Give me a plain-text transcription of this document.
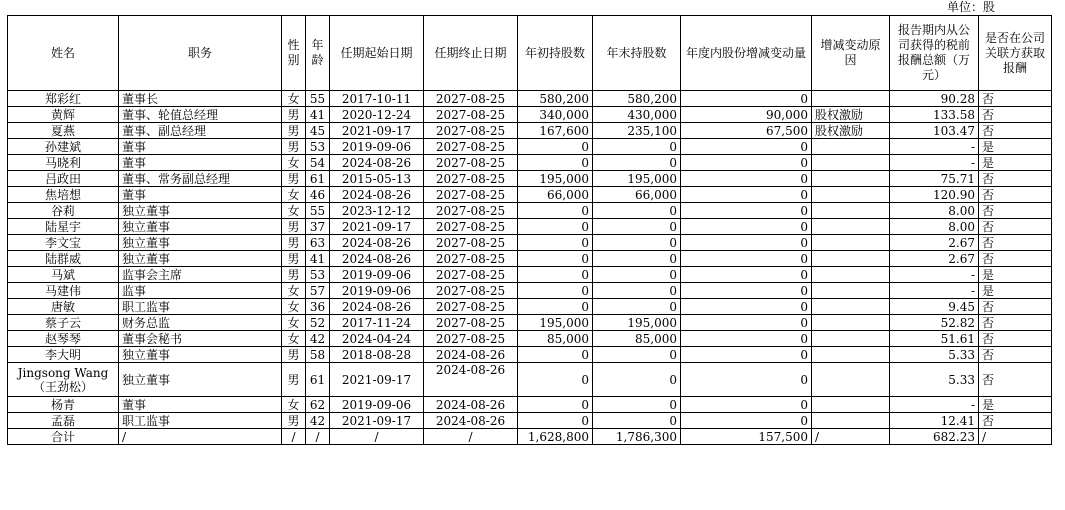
单位：股
姓名	职务	性别	年龄	任期起始日期	任期终止日期	年初持股数	年末持股数	年度内股份增减变动量	增减变动原因	报告期内从公司获得的税前报酬总额（万元）	是否在公司关联方获取报酬
郑彩红	董事长	女	55	2017-10-11	2027-08-25	580,200	580,200	0		90.28	否
黄辉	董事、轮值总经理	男	41	2020-12-24	2027-08-25	340,000	430,000	90,000	股权激励	133.58	否
夏燕	董事、副总经理	男	45	2021-09-17	2027-08-25	167,600	235,100	67,500	股权激励	103.47	否
孙建斌	董事	男	53	2019-09-06	2027-08-25	0	0	0		-	是
马晓利	董事	女	54	2024-08-26	2027-08-25	0	0	0		-	是
吕政田	董事、常务副总经理	男	61	2015-05-13	2027-08-25	195,000	195,000	0		75.71	否
焦培想	董事	女	46	2024-08-26	2027-08-25	66,000	66,000	0		120.90	否
谷莉	独立董事	女	55	2023-12-12	2027-08-25	0	0	0		8.00	否
陆星宇	独立董事	男	37	2021-09-17	2027-08-25	0	0	0		8.00	否
李文宝	独立董事	男	63	2024-08-26	2027-08-25	0	0	0		2.67	否
陆群威	独立董事	男	41	2024-08-26	2027-08-25	0	0	0		2.67	否
马斌	监事会主席	男	53	2019-09-06	2027-08-25	0	0	0		-	是
马建伟	监事	女	57	2019-09-06	2027-08-25	0	0	0		-	是
唐敏	职工监事	女	36	2024-08-26	2027-08-25	0	0	0		9.45	否
蔡子云	财务总监	女	52	2017-11-24	2027-08-25	195,000	195,000	0		52.82	否
赵琴琴	董事会秘书	女	42	2024-04-24	2027-08-25	85,000	85,000	0		51.61	否
李大明	独立董事	男	58	2018-08-28	2024-08-26	0	0	0		5.33	否
Jingsong Wang（王劲松）	独立董事	男	61	2021-09-17	2024-08-26	0	0	0		5.33	否
杨青	董事	女	62	2019-09-06	2024-08-26	0	0	0		-	是
孟磊	职工监事	男	42	2021-09-17	2024-08-26	0	0	0		12.41	否
合计	/	/	/	/	/	1,628,800	1,786,300	157,500	/	682.23	/
